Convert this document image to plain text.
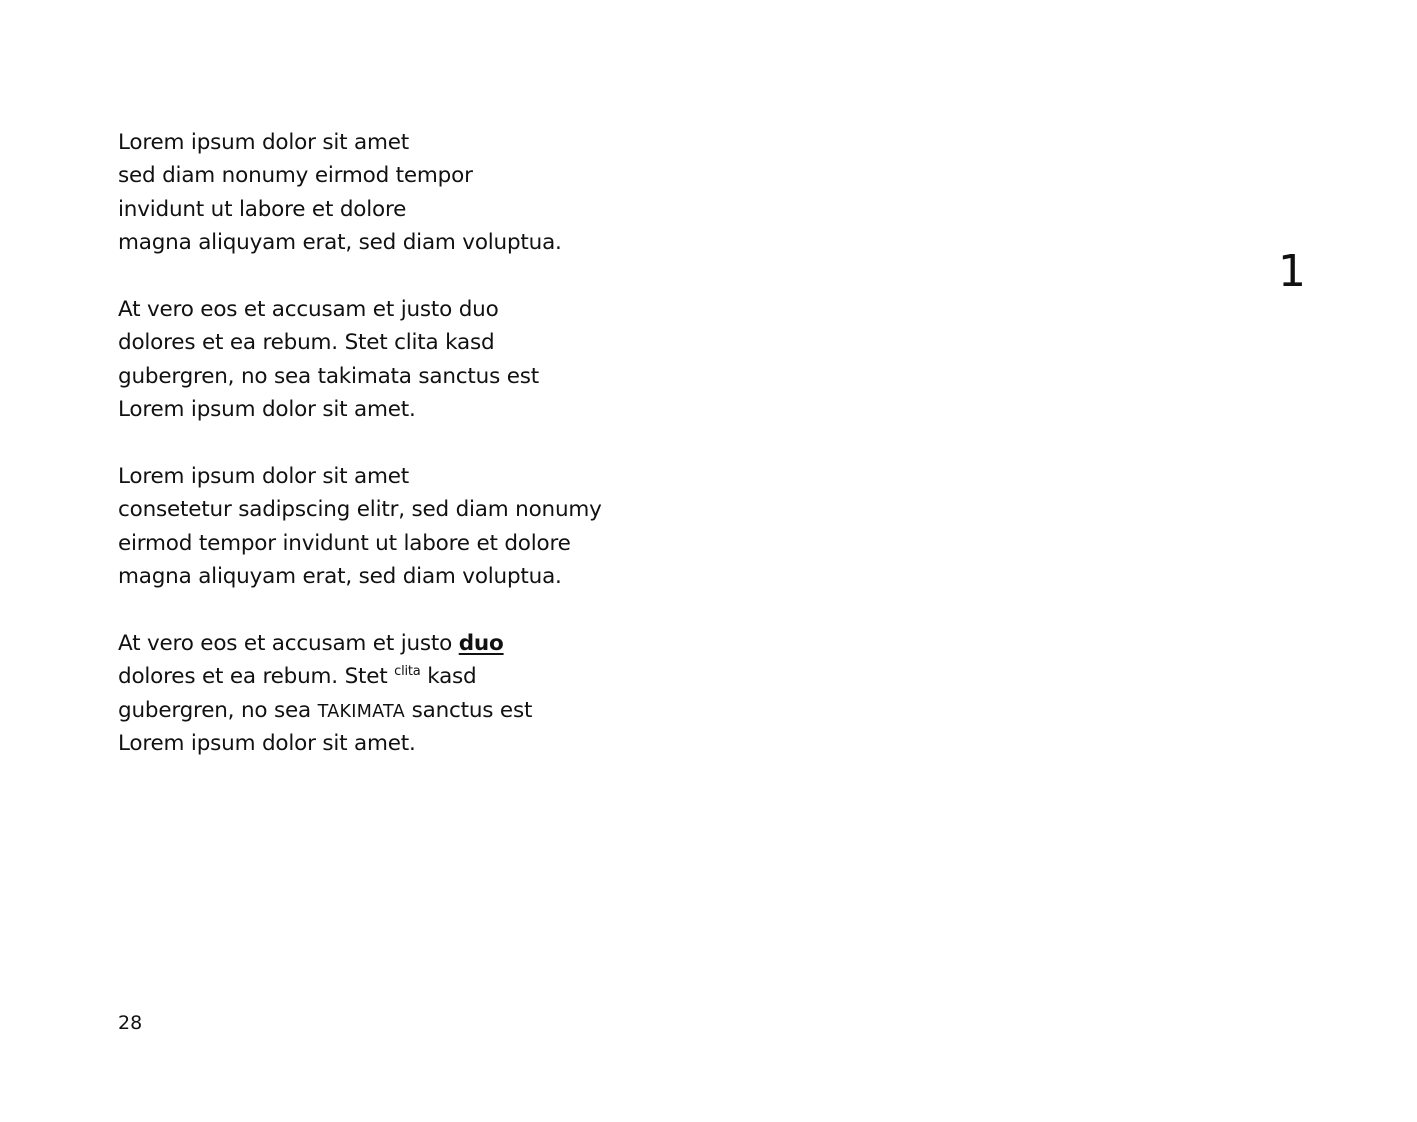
Lorem ipsum dolor sit amet
sed diam nonumy eirmod tempor
invidunt ut labore et dolore
magna aliquyam erat, sed diam voluptua.
At vero eos et accusam et justo duo
dolores et ea rebum. Stet clita kasd
gubergren, no sea takimata sanctus est
Lorem ipsum dolor sit amet.
Lorem ipsum dolor sit amet
consetetur sadipscing elitr, sed diam nonumy
eirmod tempor invidunt ut labore et dolore
magna aliquyam erat, sed diam voluptua.
At vero eos et accusam et justo duo
dolores et ea rebum. Stet $^{clita}$ kasd
gubergren, no sea TAKIMATA sanctus est
Lorem ipsum dolor sit amet.
1
28
